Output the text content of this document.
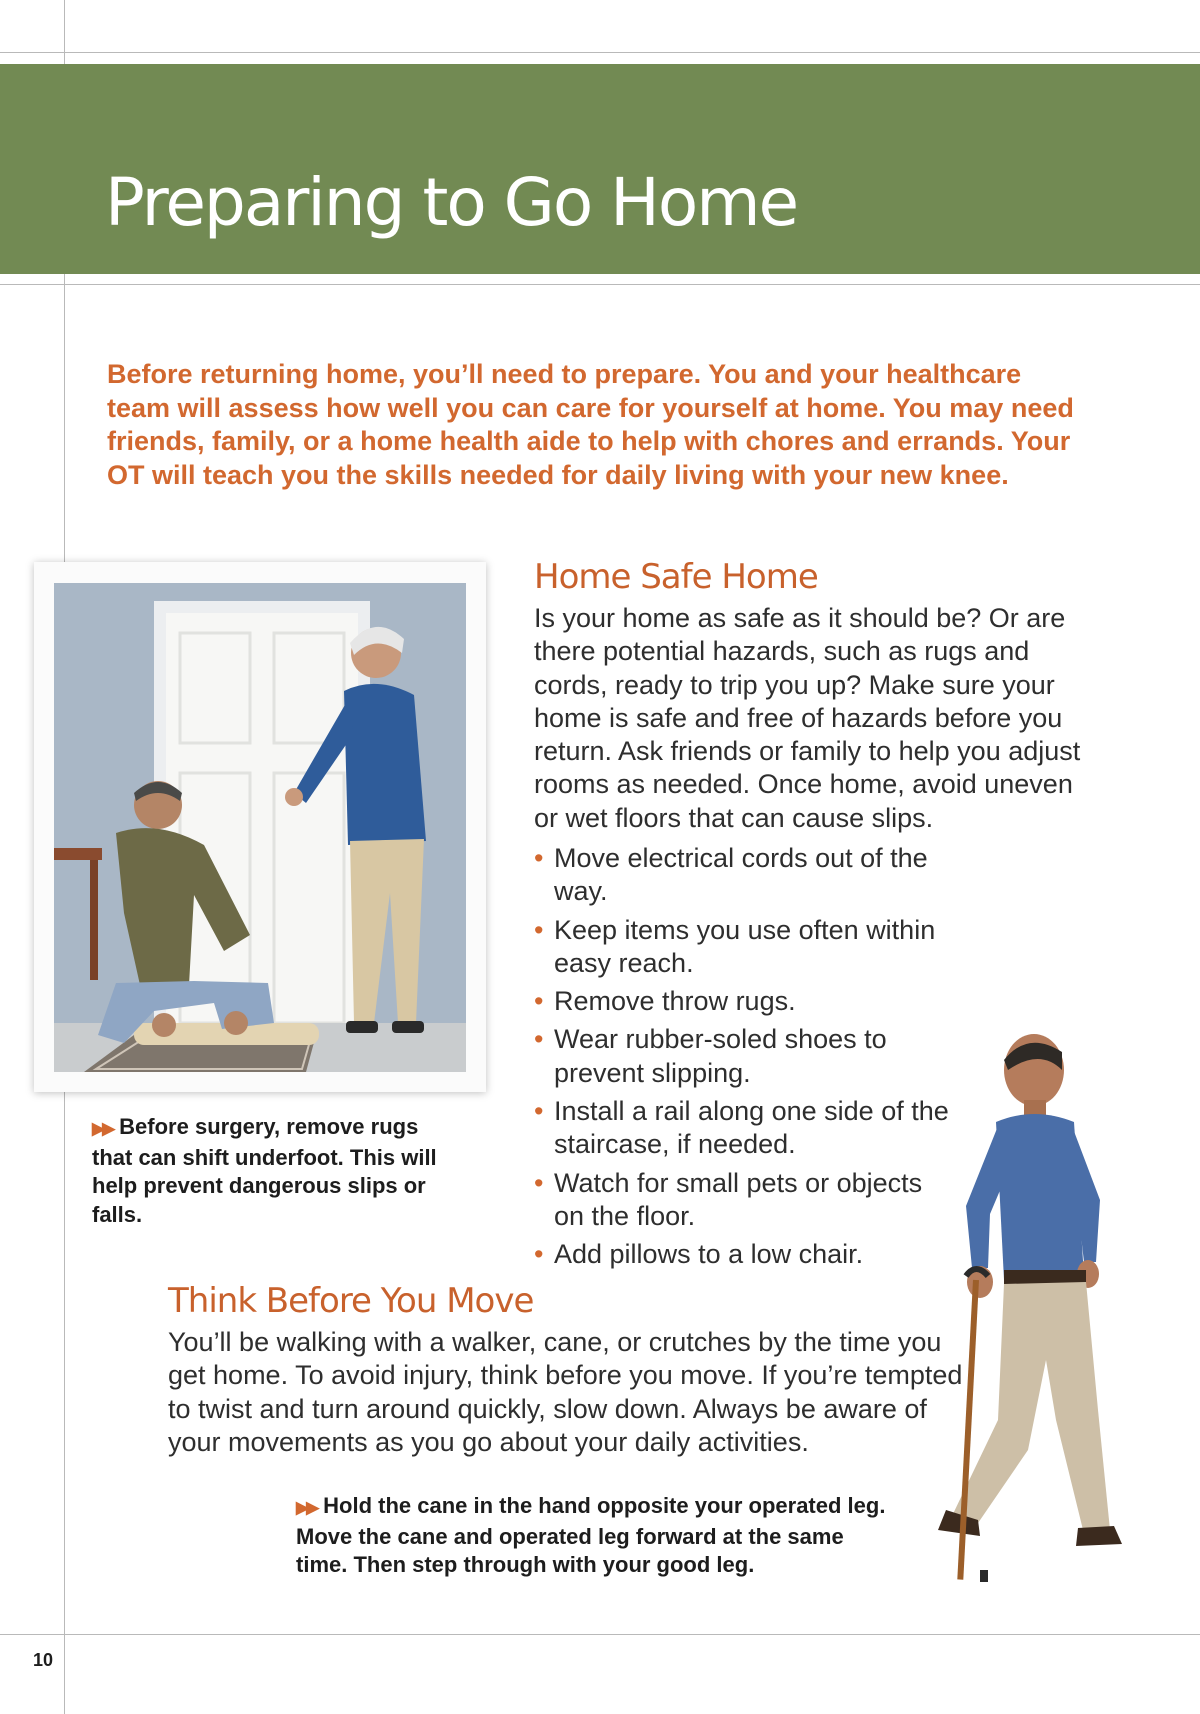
Preparing to Go Home

Before returning home, you’ll need to prepare. You and your healthcare team will assess how well you can care for yourself at home. You may need friends, family, or a home health aide to help with chores and errands. Your OT will teach you the skills needed for daily living with your new knee.

▶▶ Before surgery, remove rugs that can shift underfoot. This will help prevent dangerous slips or falls.

Home Safe Home

Is your home as safe as it should be? Or are there potential hazards, such as rugs and cords, ready to trip you up? Make sure your home is safe and free of hazards before you return. Ask friends or family to help you adjust rooms as needed. Once home, avoid uneven or wet floors that can cause slips.

• Move electrical cords out of the way.
• Keep items you use often within easy reach.
• Remove throw rugs.
• Wear rubber-soled shoes to prevent slipping.
• Install a rail along one side of the staircase, if needed.
• Watch for small pets or objects on the floor.
• Add pillows to a low chair.
Think Before You Move

You’ll be walking with a walker, cane, or crutches by the time you get home. To avoid injury, think before you move. If you’re tempted to twist and turn around quickly, slow down. Always be aware of your movements as you go about your daily activities.

▶▶ Hold the cane in the hand opposite your operated leg. Move the cane and operated leg forward at the same time. Then step through with your good leg.

10
